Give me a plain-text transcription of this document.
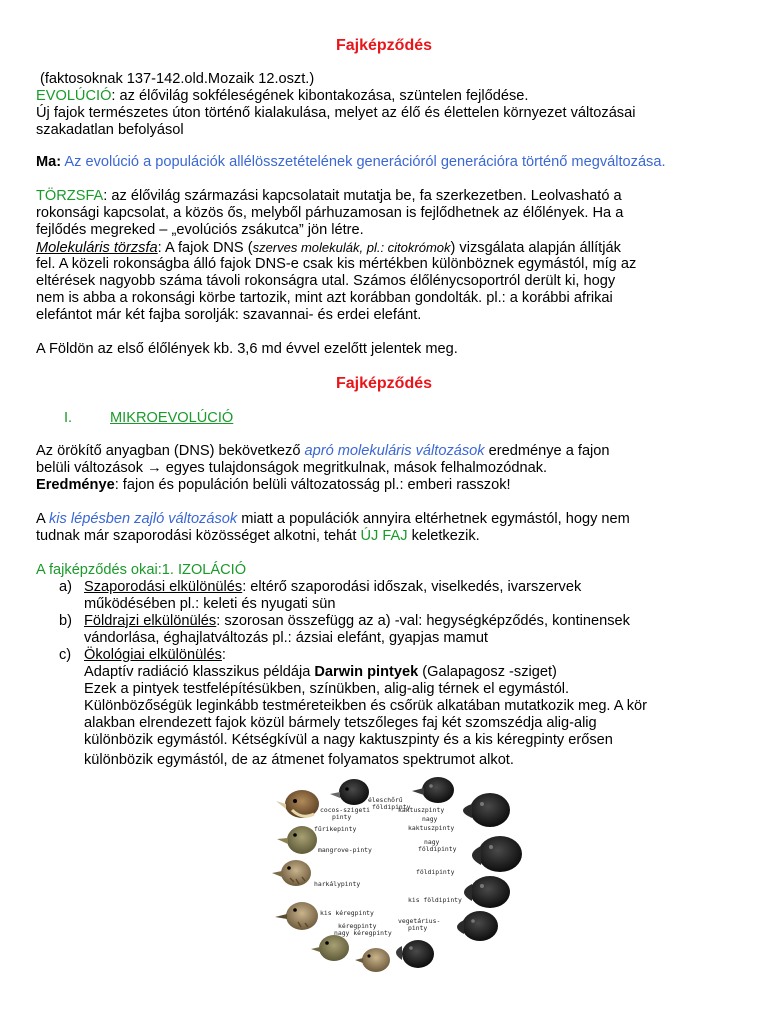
Fajképződés
(faktosoknak 137-142.old.Mozaik 12.oszt.)
EVOLÚCIÓ: az élővilág sokféleségének kibontakozása, szüntelen fejlődése.
Új fajok természetes úton történő kialakulása, melyet az élő és élettelen környezet változásai
szakadatlan befolyásol
Ma: Az evolúció a populációk allélösszetételének generációról generációra történő megváltozása.
TÖRZSFA: az élővilág származási kapcsolatait mutatja be, fa szerkezetben. Leolvasható a
rokonsági kapcsolat, a közös ős, melyből párhuzamosan is fejlődhetnek az élőlények. Ha a
fejlődés megreked – „evolúciós zsákutca” jön létre.
Molekuláris törzsfa: A fajok DNS (szerves molekulák, pl.: citokrómok) vizsgálata alapján állítják
fel. A közeli rokonságba álló fajok DNS-e csak kis mértékben különböznek egymástól, míg az
eltérések nagyobb száma távoli rokonságra utal. Számos élőlénycsoportról derült ki, hogy
nem is abba a rokonsági körbe tartozik, mint azt korábban gondolták. pl.: a korábbi afrikai
elefántot már két fajba sorolják: szavannai- és erdei elefánt.
A Földön az első élőlények kb. 3,6 md évvel ezelőtt jelentek meg.
Fajképződés
I.	MIKROEVOLÚCIÓ
Az örökítő anyagban (DNS) bekövetkező apró molekuláris változások eredménye a fajon
belüli változások → egyes tulajdonságok megritkulnak, mások felhalmozódnak.
Eredménye: fajon és populáción belüli változatosság pl.: emberi rasszok!
A kis lépésben zajló változások miatt a populációk annyira eltérhetnek egymástól, hogy nem
tudnak már szaporodási közösséget alkotni, tehát ÚJ FAJ keletkezik.
A fajképződés okai:1. IZOLÁCIÓ
a) Szaporodási elkülönülés: eltérő szaporodási időszak, viselkedés, ivarszervek
működésében pl.: keleti és nyugati sün
b) Földrajzi elkülönülés: szorosan összefügg az a) -val: hegységképződés, kontinensek
vándorlása, éghajlatváltozás pl.: ázsiai elefánt, gyapjas mamut
c) Ökológiai elkülönülés:
Adaptív radiáció klasszikus példája Darwin pintyek (Galapagosz -sziget)
Ezek a pintyek testfelépítésükben, színükben, alig-alig térnek el egymástól.
Különbözőségük leginkább testméreteikben és csőrük alkatában mutatkozik meg. A kör
alakban elrendezett fajok közül bármely tetszőleges faj két szomszédja alig-alig
különbözik egymástól. Kétségkívül a nagy kaktuszpinty és a kis kéregpinty erősen
különbözik egymástól, de az átmenet folyamatos spektrumot alkot.
éleschőrű
földipinty
cocos-szigeti
pinty
kaktuszpinty
nagy
fűrikepinty	kaktuszpinty
nagy
földipinty
mangrove-pinty
földipinty
harkálypinty
kis földipinty
kis kéregpinty
vegetárius-
pinty
kéregpinty
nagy kéregpinty
